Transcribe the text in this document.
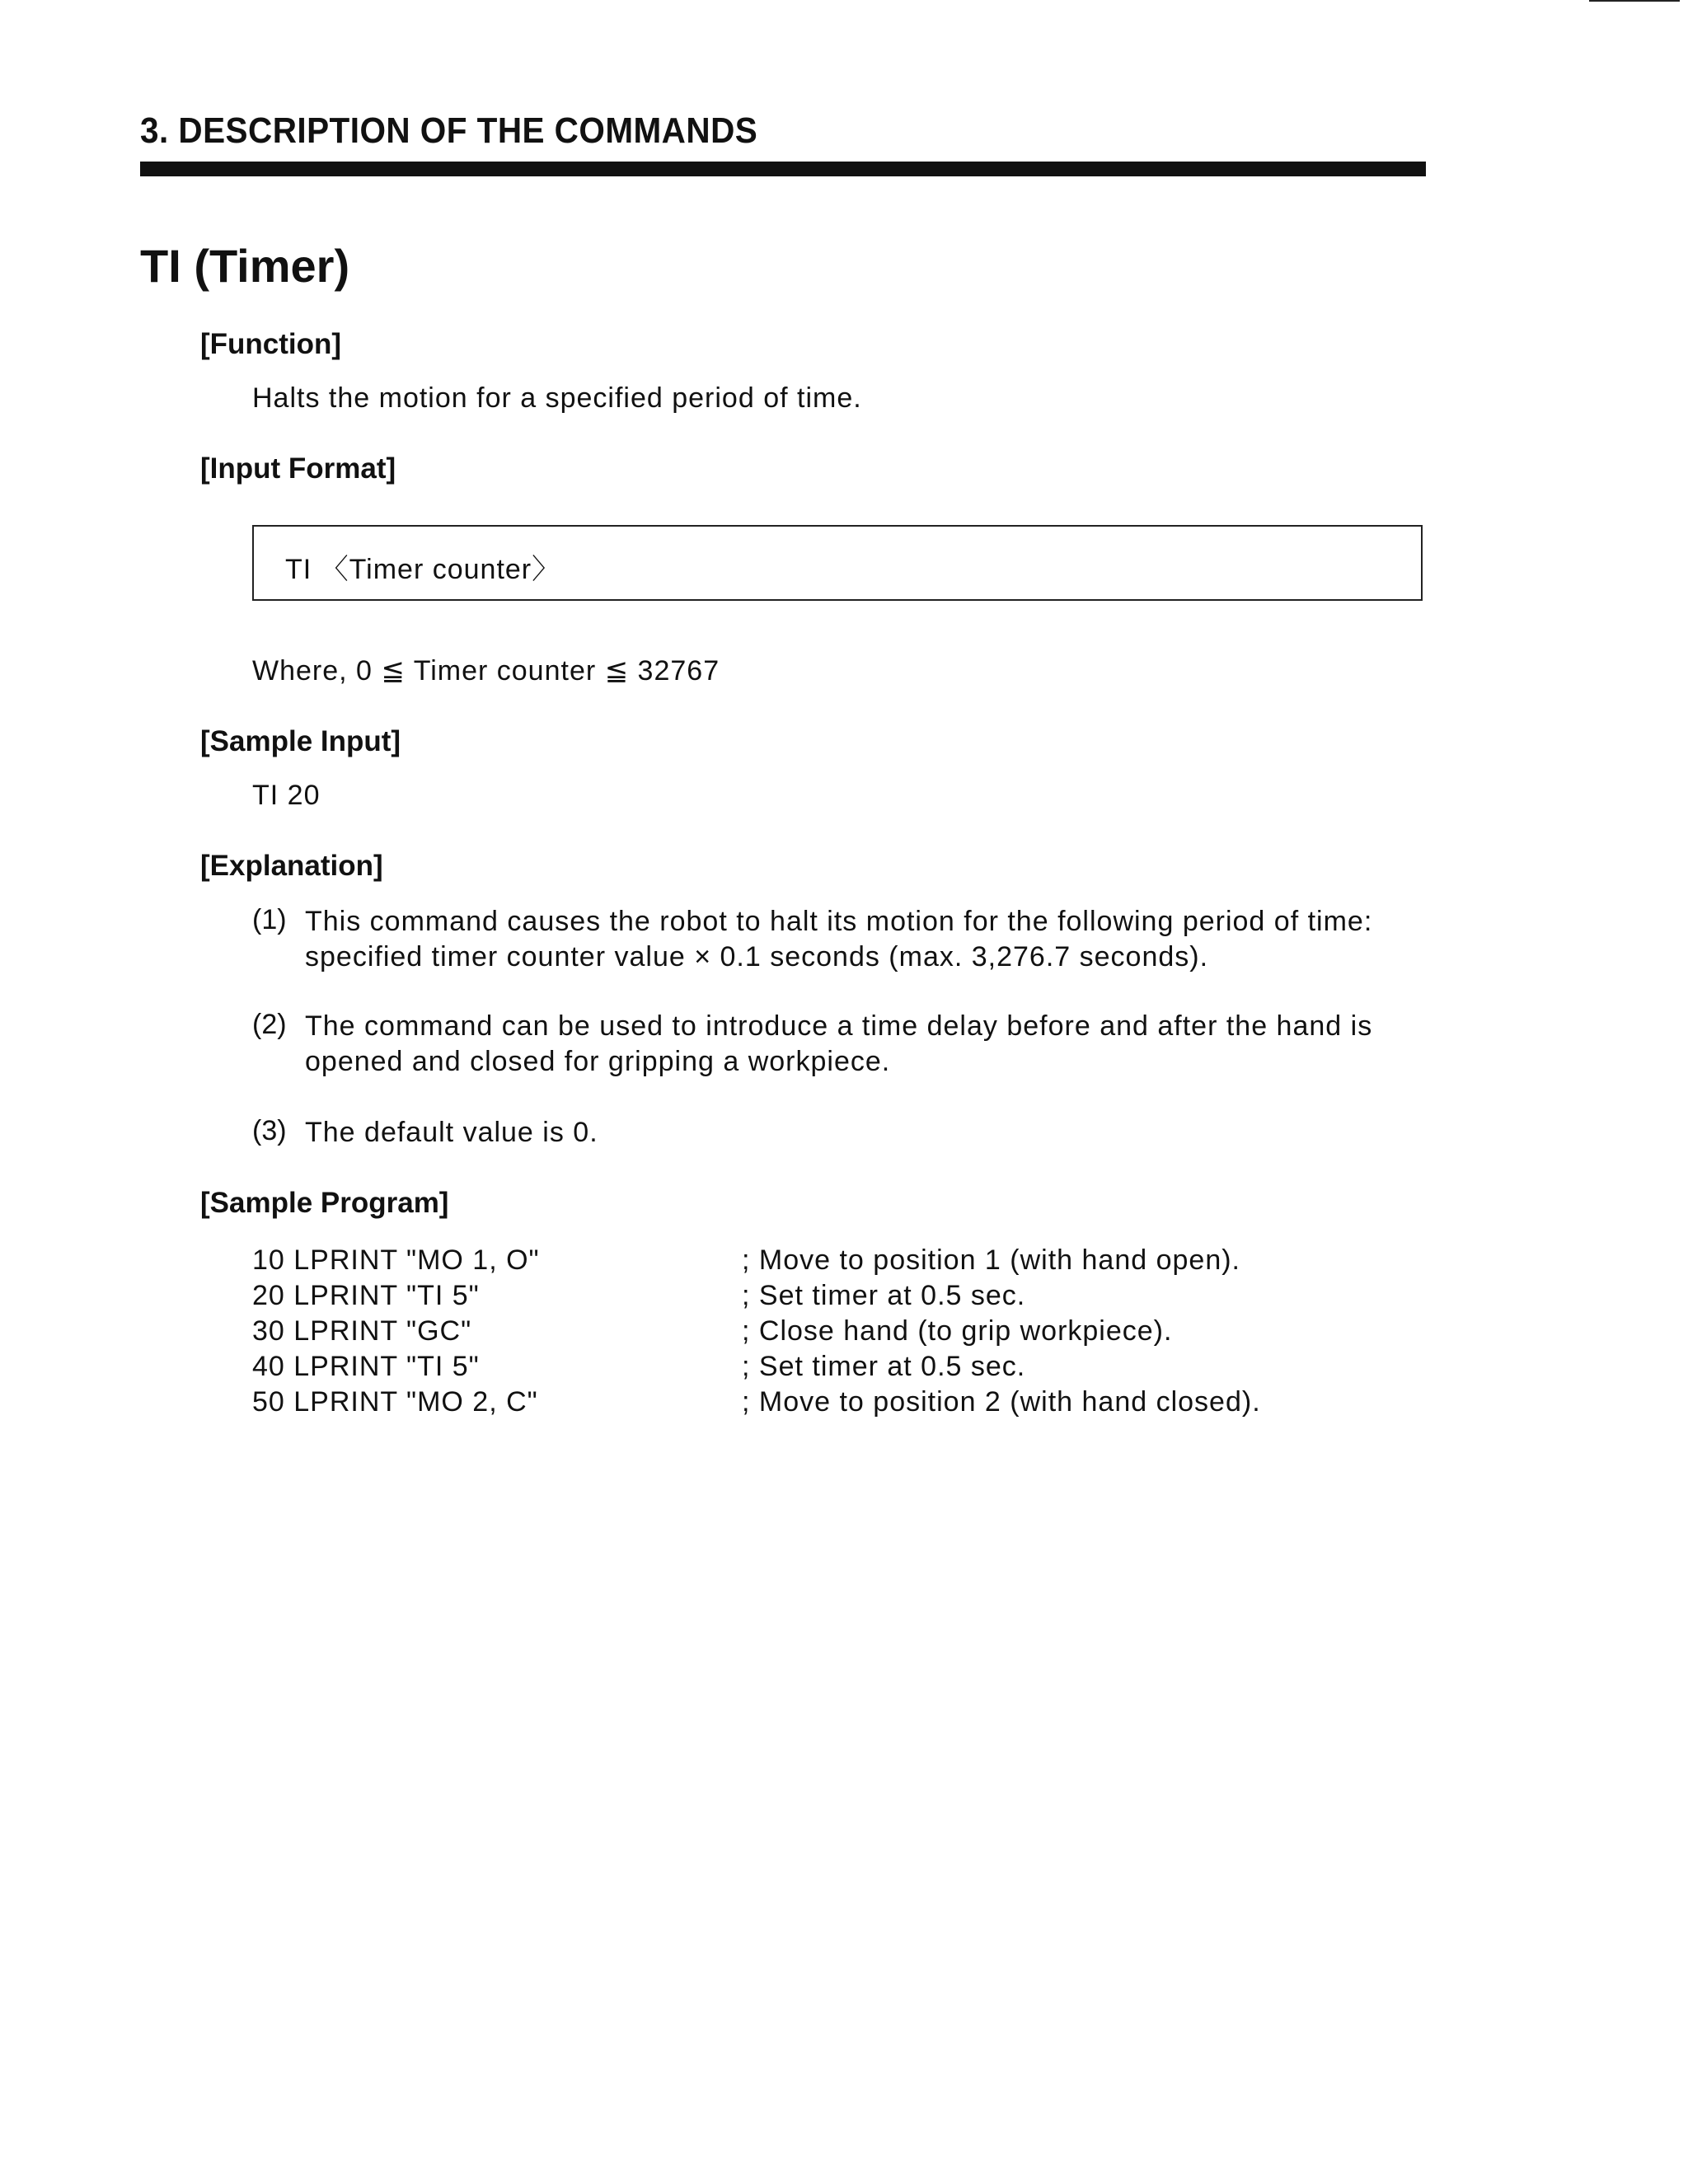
3. DESCRIPTION OF THE COMMANDS
TI (Timer)
[Function]
Halts the motion for a specified period of time.
[Input Format]
TI 〈Timer counter〉
Where, 0 ≦ Timer counter ≦ 32767
[Sample Input]
TI 20
[Explanation]
(1) This command causes the robot to halt its motion for the following period of time:
specified timer counter value × 0.1 seconds (max. 3,276.7 seconds).
(2) The command can be used to introduce a time delay before and after the hand is
opened and closed for gripping a workpiece.
(3) The default value is 0.
[Sample Program]
10 LPRINT "MO 1, O"	; Move to position 1 (with hand open).
20 LPRINT "TI 5"	; Set timer at 0.5 sec.
30 LPRINT "GC"	; Close hand (to grip workpiece).
40 LPRINT "TI 5"	; Set timer at 0.5 sec.
50 LPRINT "MO 2, C"	; Move to position 2 (with hand closed).
